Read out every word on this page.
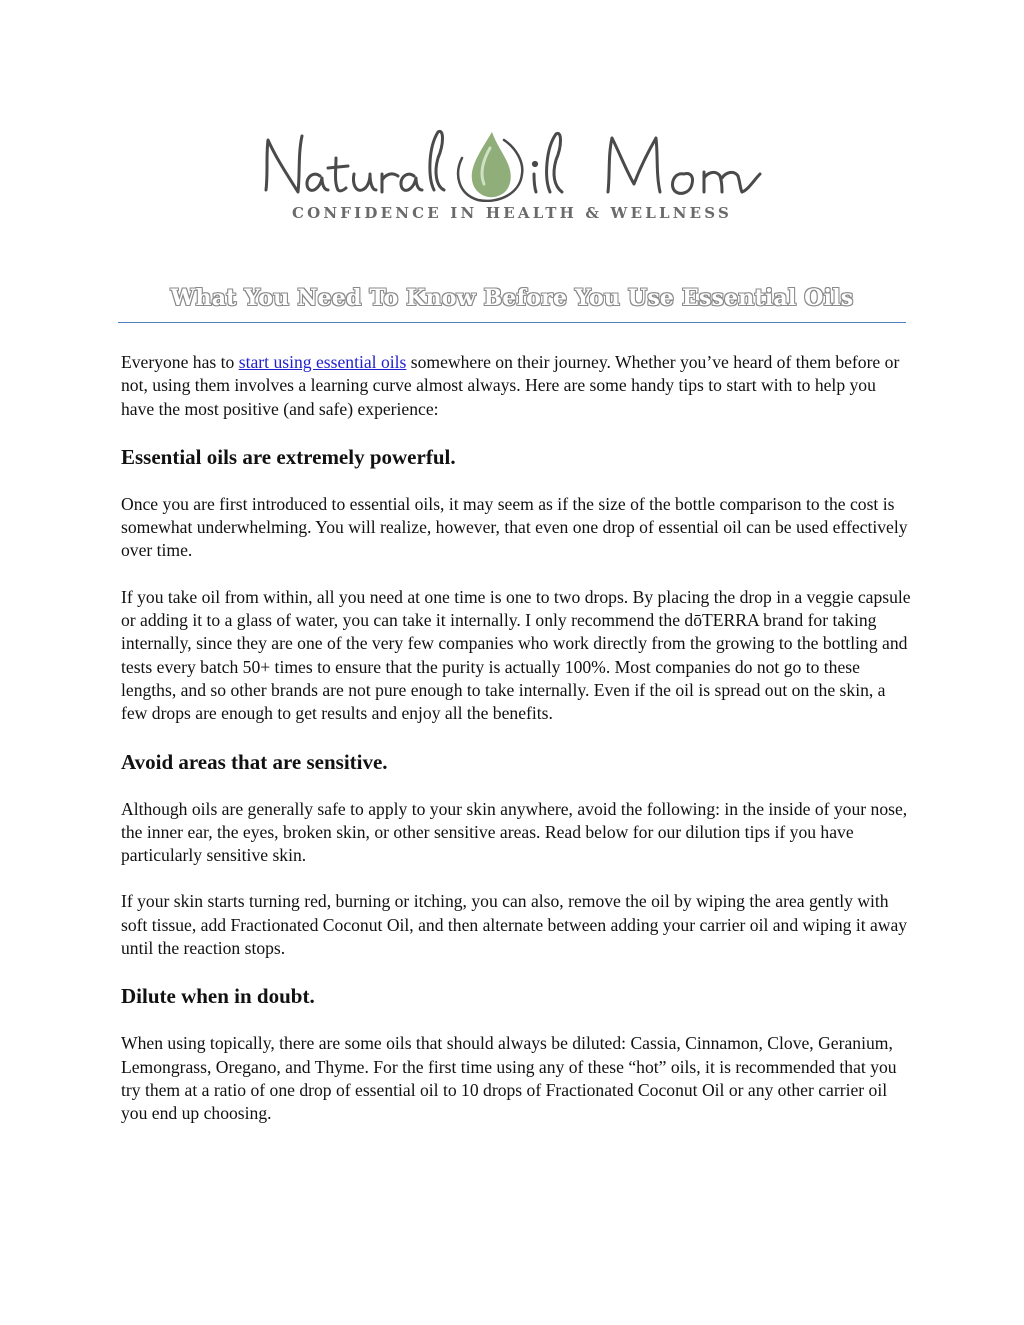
Natural Oil Mom
CONFIDENCE IN HEALTH & WELLNESS
What You Need To Know Before You Use Essential Oils

Everyone has to start using essential oils somewhere on their journey. Whether you’ve heard of them before or not, using them involves a learning curve almost always. Here are some handy tips to start with to help you have the most positive (and safe) experience:

Essential oils are extremely powerful.

Once you are first introduced to essential oils, it may seem as if the size of the bottle comparison to the cost is somewhat underwhelming. You will realize, however, that even one drop of essential oil can be used effectively over time.

If you take oil from within, all you need at one time is one to two drops. By placing the drop in a veggie capsule or adding it to a glass of water, you can take it internally. I only recommend the dōTERRA brand for taking internally, since they are one of the very few companies who work directly from the growing to the bottling and tests every batch 50+ times to ensure that the purity is actually 100%. Most companies do not go to these lengths, and so other brands are not pure enough to take internally. Even if the oil is spread out on the skin, a few drops are enough to get results and enjoy all the benefits.

Avoid areas that are sensitive.

Although oils are generally safe to apply to your skin anywhere, avoid the following: in the inside of your nose, the inner ear, the eyes, broken skin, or other sensitive areas. Read below for our dilution tips if you have particularly sensitive skin.

If your skin starts turning red, burning or itching, you can also, remove the oil by wiping the area gently with soft tissue, add Fractionated Coconut Oil, and then alternate between adding your carrier oil and wiping it away until the reaction stops.

Dilute when in doubt.

When using topically, there are some oils that should always be diluted: Cassia, Cinnamon, Clove, Geranium, Lemongrass, Oregano, and Thyme. For the first time using any of these “hot” oils, it is recommended that you try them at a ratio of one drop of essential oil to 10 drops of Fractionated Coconut Oil or any other carrier oil you end up choosing.
